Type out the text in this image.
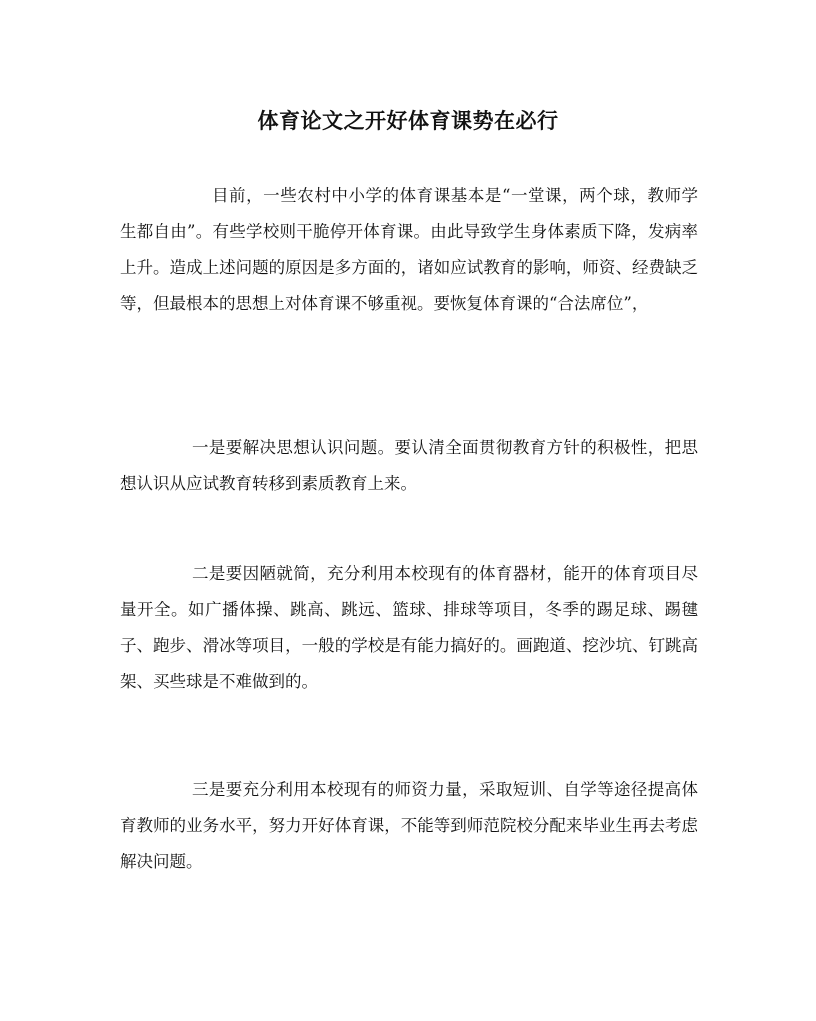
体育论文之开好体育课势在必行

目前，一些农村中小学的体育课基本是“一堂课，两个球，教师学生都自由”。有些学校则干脆停开体育课。由此导致学生身体素质下降，发病率上升。造成上述问题的原因是多方面的，诸如应试教育的影响，师资、经费缺乏等，但最根本的思想上对体育课不够重视。要恢复体育课的“合法席位”，

一是要解决思想认识问题。要认清全面贯彻教育方针的积极性，把思想认识从应试教育转移到素质教育上来。

二是要因陋就简，充分利用本校现有的体育器材，能开的体育项目尽量开全。如广播体操、跳高、跳远、篮球、排球等项目，冬季的踢足球、踢毽子、跑步、滑冰等项目，一般的学校是有能力搞好的。画跑道、挖沙坑、钉跳高架、买些球是不难做到的。

三是要充分利用本校现有的师资力量，采取短训、自学等途径提高体育教师的业务水平，努力开好体育课，不能等到师范院校分配来毕业生再去考虑解决问题。
